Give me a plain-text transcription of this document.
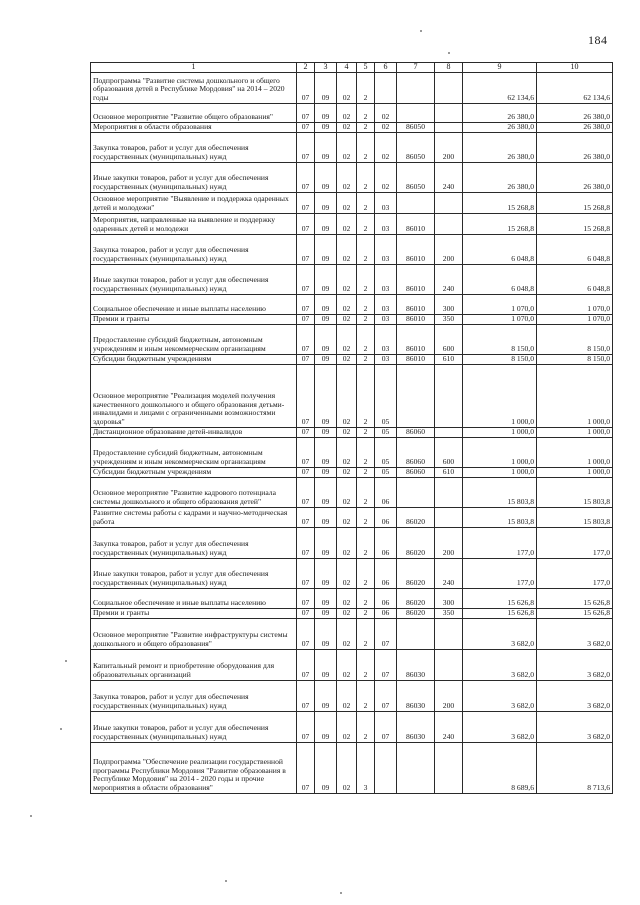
184
1	2	3	4	5	6	7	8	9	10
Подпрограмма "Развитие системы дошкольного и общего образования детей в Республике Мордовия" на 2014 – 2020 годы	07	09	02	2				62 134,6	62 134,6
Основное мероприятие "Развитие общего образования"	07	09	02	2	02			26 380,0	26 380,0
Мероприятия в области образования	07	09	02	2	02	86050		26 380,0	26 380,0
Закупка товаров, работ и услуг для обеспечения государственных (муниципальных) нужд	07	09	02	2	02	86050	200	26 380,0	26 380,0
Иные закупки товаров, работ и услуг для обеспечения государственных (муниципальных) нужд	07	09	02	2	02	86050	240	26 380,0	26 380,0
Основное мероприятие "Выявление и поддержка одаренных детей и молодежи"	07	09	02	2	03			15 268,8	15 268,8
Мероприятия, направленные на выявление и поддержку одаренных детей и молодежи	07	09	02	2	03	86010		15 268,8	15 268,8
Закупка товаров, работ и услуг для обеспечения государственных (муниципальных) нужд	07	09	02	2	03	86010	200	6 048,8	6 048,8
Иные закупки товаров, работ и услуг для обеспечения государственных (муниципальных) нужд	07	09	02	2	03	86010	240	6 048,8	6 048,8
Социальное обеспечение и иные выплаты населению	07	09	02	2	03	86010	300	1 070,0	1 070,0
Премии и гранты	07	09	02	2	03	86010	350	1 070,0	1 070,0
Предоставление субсидий бюджетным, автономным учреждениям и иным некоммерческим организациям	07	09	02	2	03	86010	600	8 150,0	8 150,0
Субсидии бюджетным учреждениям	07	09	02	2	03	86010	610	8 150,0	8 150,0
Основное мероприятие "Реализация моделей получения качественного дошкольного и общего образования детьми-инвалидами и лицами с ограниченными возможностями здоровья"	07	09	02	2	05			1 000,0	1 000,0
Дистанционное образование детей-инвалидов	07	09	02	2	05	86060		1 000,0	1 000,0
Предоставление субсидий бюджетным, автономным учреждениям и иным некоммерческим организациям	07	09	02	2	05	86060	600	1 000,0	1 000,0
Субсидии бюджетным учреждениям	07	09	02	2	05	86060	610	1 000,0	1 000,0
Основное мероприятие "Развитие кадрового потенциала системы дошкольного и общего образования детей"	07	09	02	2	06			15 803,8	15 803,8
Развитие системы работы с кадрами и научно-методическая работа	07	09	02	2	06	86020		15 803,8	15 803,8
Закупка товаров, работ и услуг для обеспечения государственных (муниципальных) нужд	07	09	02	2	06	86020	200	177,0	177,0
Иные закупки товаров, работ и услуг для обеспечения государственных (муниципальных) нужд	07	09	02	2	06	86020	240	177,0	177,0
Социальное обеспечение и иные выплаты населению	07	09	02	2	06	86020	300	15 626,8	15 626,8
Премии и гранты	07	09	02	2	06	86020	350	15 626,8	15 626,8
Основное мероприятие "Развитие инфраструктуры системы дошкольного и общего образования"	07	09	02	2	07			3 682,0	3 682,0
Капитальный ремонт и приобретение оборудования для образовательных организаций	07	09	02	2	07	86030		3 682,0	3 682,0
Закупка товаров, работ и услуг для обеспечения государственных (муниципальных) нужд	07	09	02	2	07	86030	200	3 682,0	3 682,0
Иные закупки товаров, работ и услуг для обеспечения государственных (муниципальных) нужд	07	09	02	2	07	86030	240	3 682,0	3 682,0
Подпрограмма "Обеспечение реализации государственной программы Республики Мордовия "Развитие образования в Республике Мордовия" на 2014 - 2020 годы и прочие мероприятия в области образования"	07	09	02	3				8 689,6	8 713,6
